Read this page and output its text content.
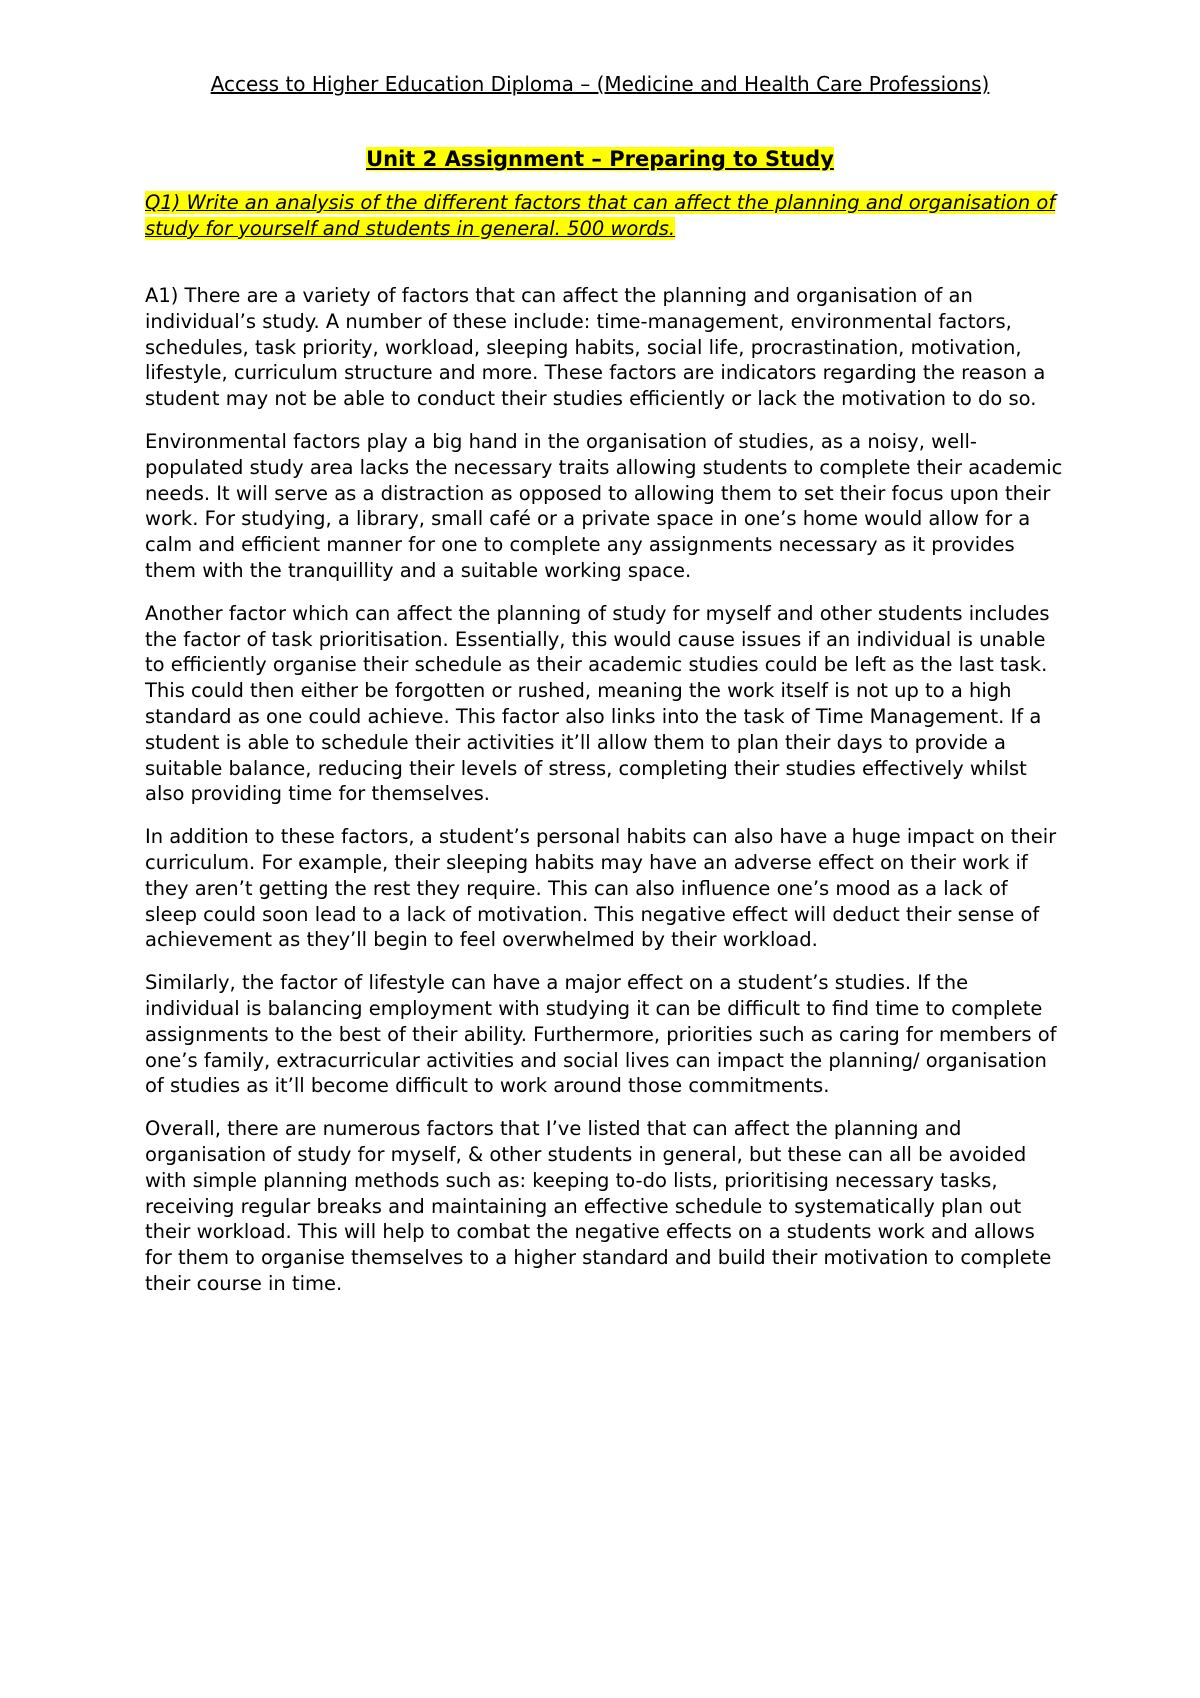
Access to Higher Education Diploma – (Medicine and Health Care Professions)
Unit 2 Assignment – Preparing to Study
Q1) Write an analysis of the different factors that can affect the planning and organisation of study for yourself and students in general. 500 words.

A1) There are a variety of factors that can affect the planning and organisation of an individual’s study. A number of these include: time-management, environmental factors, schedules, task priority, workload, sleeping habits, social life, procrastination, motivation, lifestyle, curriculum structure and more. These factors are indicators regarding the reason a student may not be able to conduct their studies efficiently or lack the motivation to do so.

Environmental factors play a big hand in the organisation of studies, as a noisy, well-populated study area lacks the necessary traits allowing students to complete their academic needs. It will serve as a distraction as opposed to allowing them to set their focus upon their work. For studying, a library, small café or a private space in one’s home would allow for a calm and efficient manner for one to complete any assignments necessary as it provides them with the tranquillity and a suitable working space.

Another factor which can affect the planning of study for myself and other students includes the factor of task prioritisation. Essentially, this would cause issues if an individual is unable to efficiently organise their schedule as their academic studies could be left as the last task. This could then either be forgotten or rushed, meaning the work itself is not up to a high standard as one could achieve. This factor also links into the task of Time Management. If a student is able to schedule their activities it’ll allow them to plan their days to provide a suitable balance, reducing their levels of stress, completing their studies effectively whilst also providing time for themselves.

In addition to these factors, a student’s personal habits can also have a huge impact on their curriculum. For example, their sleeping habits may have an adverse effect on their work if they aren’t getting the rest they require. This can also influence one’s mood as a lack of sleep could soon lead to a lack of motivation. This negative effect will deduct their sense of achievement as they’ll begin to feel overwhelmed by their workload.

Similarly, the factor of lifestyle can have a major effect on a student’s studies. If the individual is balancing employment with studying it can be difficult to find time to complete assignments to the best of their ability. Furthermore, priorities such as caring for members of one’s family, extracurricular activities and social lives can impact the planning/ organisation of studies as it’ll become difficult to work around those commitments.

Overall, there are numerous factors that I’ve listed that can affect the planning and organisation of study for myself, & other students in general, but these can all be avoided with simple planning methods such as: keeping to-do lists, prioritising necessary tasks, receiving regular breaks and maintaining an effective schedule to systematically plan out their workload. This will help to combat the negative effects on a students work and allows for them to organise themselves to a higher standard and build their motivation to complete their course in time.
